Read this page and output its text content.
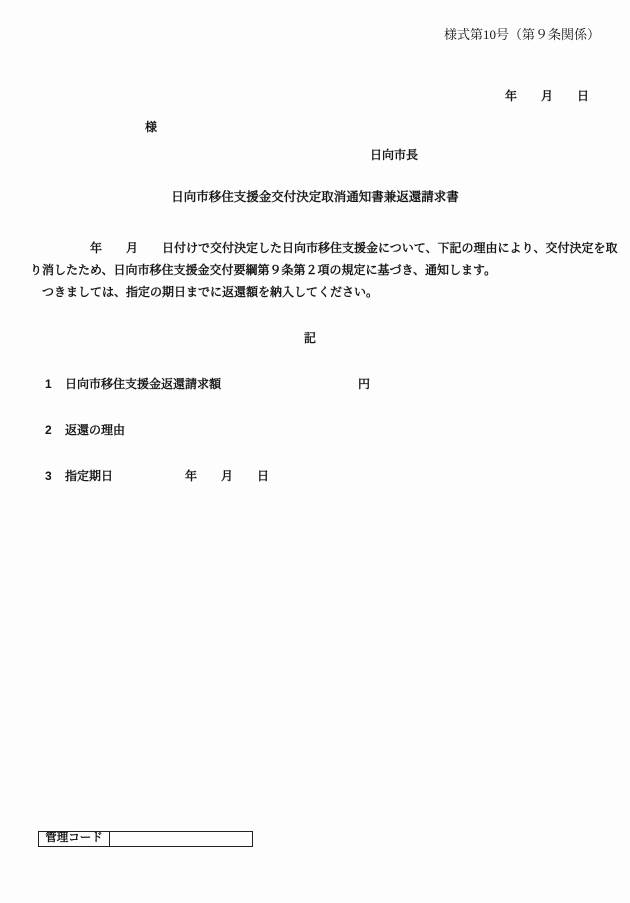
様式第10号（第９条関係）
年　　月　　日
様
日向市長
日向市移住支援金交付決定取消通知書兼返還請求書
　　　　　年　　月　　日付けで交付決定した日向市移住支援金について、下記の理由により、交付決定を取
り消したため、日向市移住支援金交付要綱第９条第２項の規定に基づき、通知します。
　つきましては、指定の期日までに返還額を納入してください。
記
1 日向市移住支援金返還請求額	円
2 返還の理由
3 指定期日	年　　月　　日
管理コード
